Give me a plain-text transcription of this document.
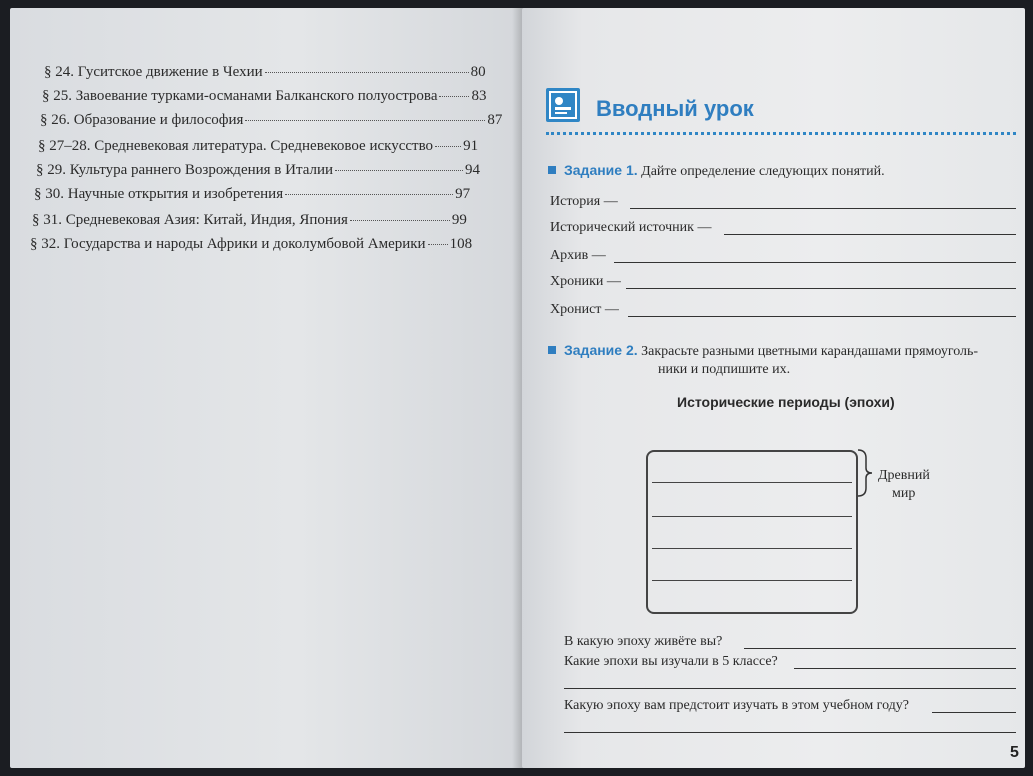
§ 24. Гуситское движение в Чехии	80
§ 25. Завоевание турками-османами Балканского полуострова 83
§ 26. Образование и философия	87
§ 27–28. Средневековая литература. Средневековое искусство 91
§ 29. Культура раннего Возрождения в Италии	94
§ 30. Научные открытия и изобретения	97
§ 31. Средневековая Азия: Китай, Индия, Япония	99
§ 32. Государства и народы Африки и доколумбовой Америки 108
Вводный урок
Задание 1. Дайте определение следующих понятий.
История —
Исторический источник —
Архив —
Хроники —
Хронист —
Задание 2. Закрасьте разными цветными карандашами прямоуголь-
ники и подпишите их.
Исторические периоды (эпохи)
Древний
мир
В какую эпоху живёте вы?
Какие эпохи вы изучали в 5 классе?
Какую эпоху вам предстоит изучать в этом учебном году?
5
